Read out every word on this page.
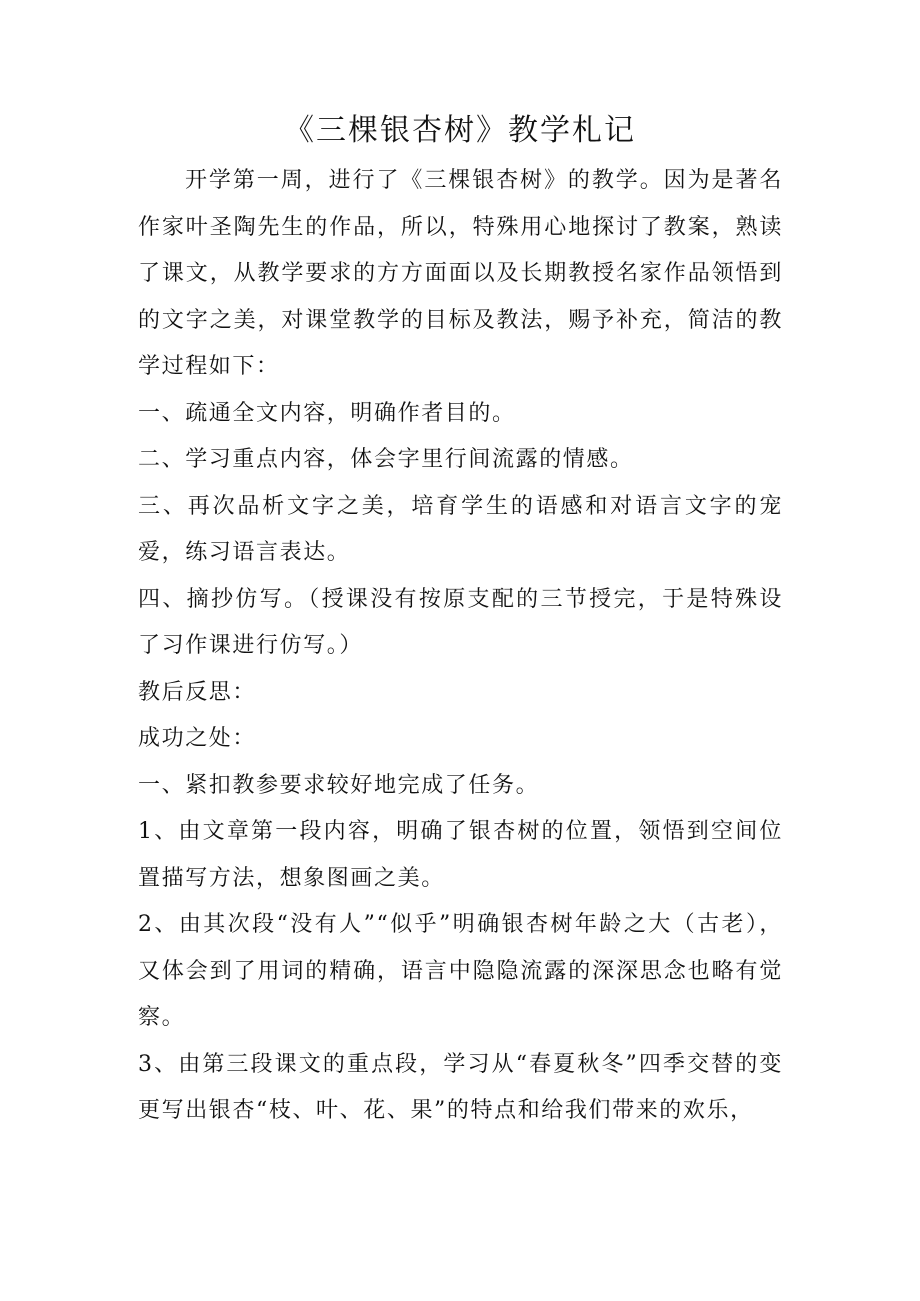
《三棵银杏树》教学札记

开学第一周，进行了《三棵银杏树》的教学。因为是著名作家叶圣陶先生的作品，所以，特殊用心地探讨了教案，熟读了课文，从教学要求的方方面面以及长期教授名家作品领悟到的文字之美，对课堂教学的目标及教法，赐予补充，简洁的教学过程如下：

一、疏通全文内容，明确作者目的。

二、学习重点内容，体会字里行间流露的情感。

三、再次品析文字之美，培育学生的语感和对语言文字的宠爱，练习语言表达。

四、摘抄仿写。（授课没有按原支配的三节授完，于是特殊设了习作课进行仿写。）

教后反思：

成功之处：

一、紧扣教参要求较好地完成了任务。

1、由文章第一段内容，明确了银杏树的位置，领悟到空间位置描写方法，想象图画之美。

2、由其次段“没有人”“似乎”明确银杏树年龄之大（古老），又体会到了用词的精确，语言中隐隐流露的深深思念也略有觉察。

3、由第三段课文的重点段，学习从“春夏秋冬”四季交替的变更写出银杏“枝、叶、花、果”的特点和给我们带来的欢乐，
